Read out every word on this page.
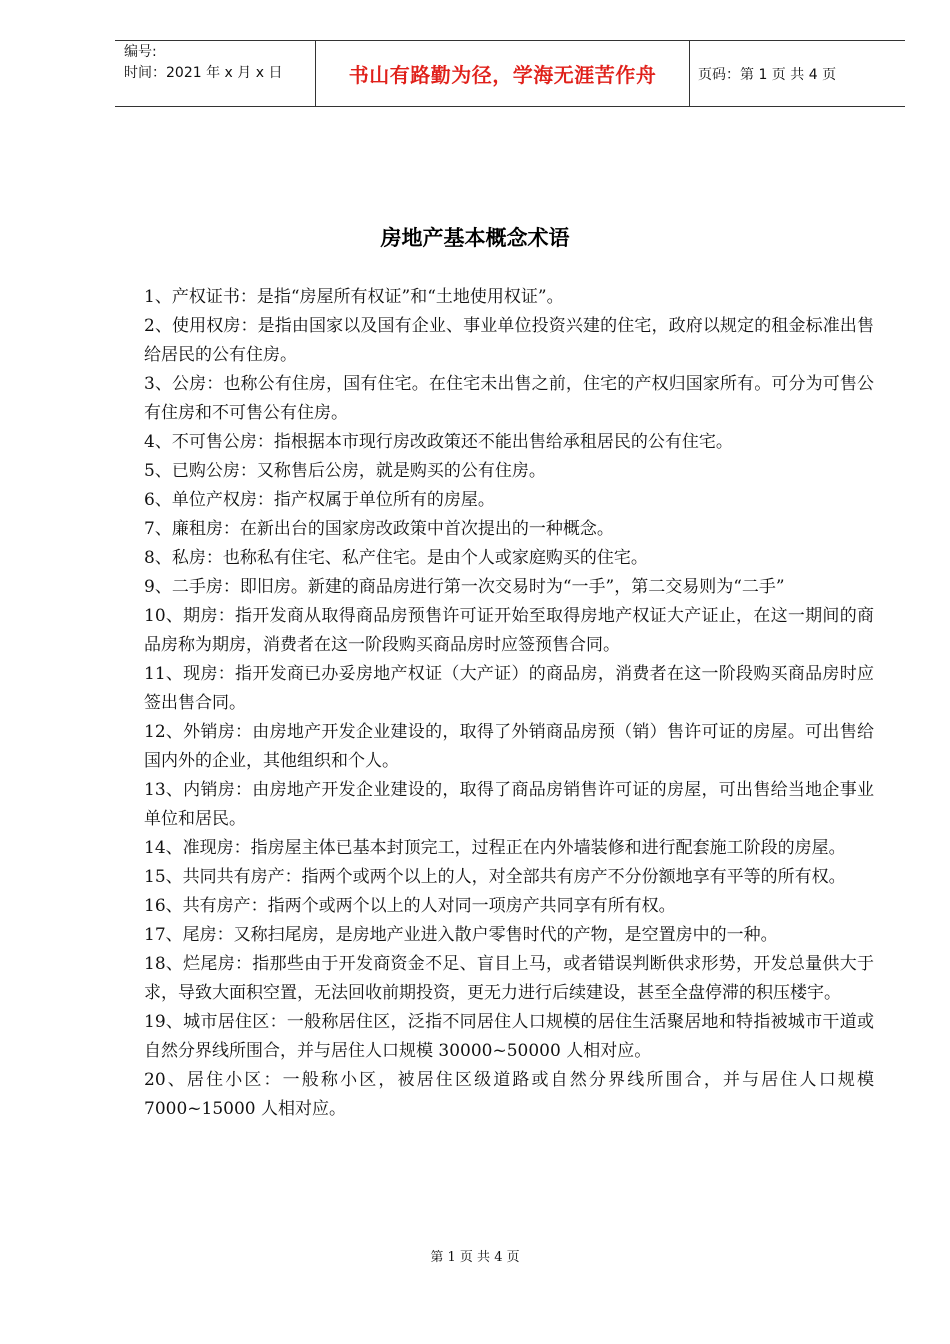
编号:
时间：2021 年 x 月 x 日	书山有路勤为径，学海无涯苦作舟	页码：第 1 页 共 4 页
房地产基本概念术语

1、产权证书：是指“房屋所有权证”和“土地使用权证”。

2、使用权房：是指由国家以及国有企业、事业单位投资兴建的住宅，政府以规定的租金标准出售给居民的公有住房。

3、公房：也称公有住房，国有住宅。在住宅未出售之前，住宅的产权归国家所有。可分为可售公有住房和不可售公有住房。

4、不可售公房：指根据本市现行房改政策还不能出售给承租居民的公有住宅。

5、已购公房：又称售后公房，就是购买的公有住房。

6、单位产权房：指产权属于单位所有的房屋。

7、廉租房：在新出台的国家房改政策中首次提出的一种概念。

8、私房：也称私有住宅、私产住宅。是由个人或家庭购买的住宅。

9、二手房：即旧房。新建的商品房进行第一次交易时为“一手”，第二交易则为“二手”

10、期房：指开发商从取得商品房预售许可证开始至取得房地产权证大产证止，在这一期间的商品房称为期房，消费者在这一阶段购买商品房时应签预售合同。

11、现房：指开发商已办妥房地产权证（大产证）的商品房，消费者在这一阶段购买商品房时应签出售合同。

12、外销房：由房地产开发企业建设的，取得了外销商品房预（销）售许可证的房屋。可出售给国内外的企业，其他组织和个人。

13、内销房：由房地产开发企业建设的，取得了商品房销售许可证的房屋，可出售给当地企事业单位和居民。

14、准现房：指房屋主体已基本封顶完工，过程正在内外墙装修和进行配套施工阶段的房屋。

15、共同共有房产：指两个或两个以上的人，对全部共有房产不分份额地享有平等的所有权。

16、共有房产：指两个或两个以上的人对同一项房产共同享有所有权。

17、尾房：又称扫尾房，是房地产业进入散户零售时代的产物，是空置房中的一种。

18、烂尾房：指那些由于开发商资金不足、盲目上马，或者错误判断供求形势，开发总量供大于求，导致大面积空置，无法回收前期投资，更无力进行后续建设，甚至全盘停滞的积压楼宇。

19、城市居住区：一般称居住区，泛指不同居住人口规模的居住生活聚居地和特指被城市干道或自然分界线所围合，并与居住人口规模 30000~50000 人相对应。

20、居住小区：一般称小区，被居住区级道路或自然分界线所围合，并与居住人口规模7000~15000 人相对应。

第 1 页 共 4 页
